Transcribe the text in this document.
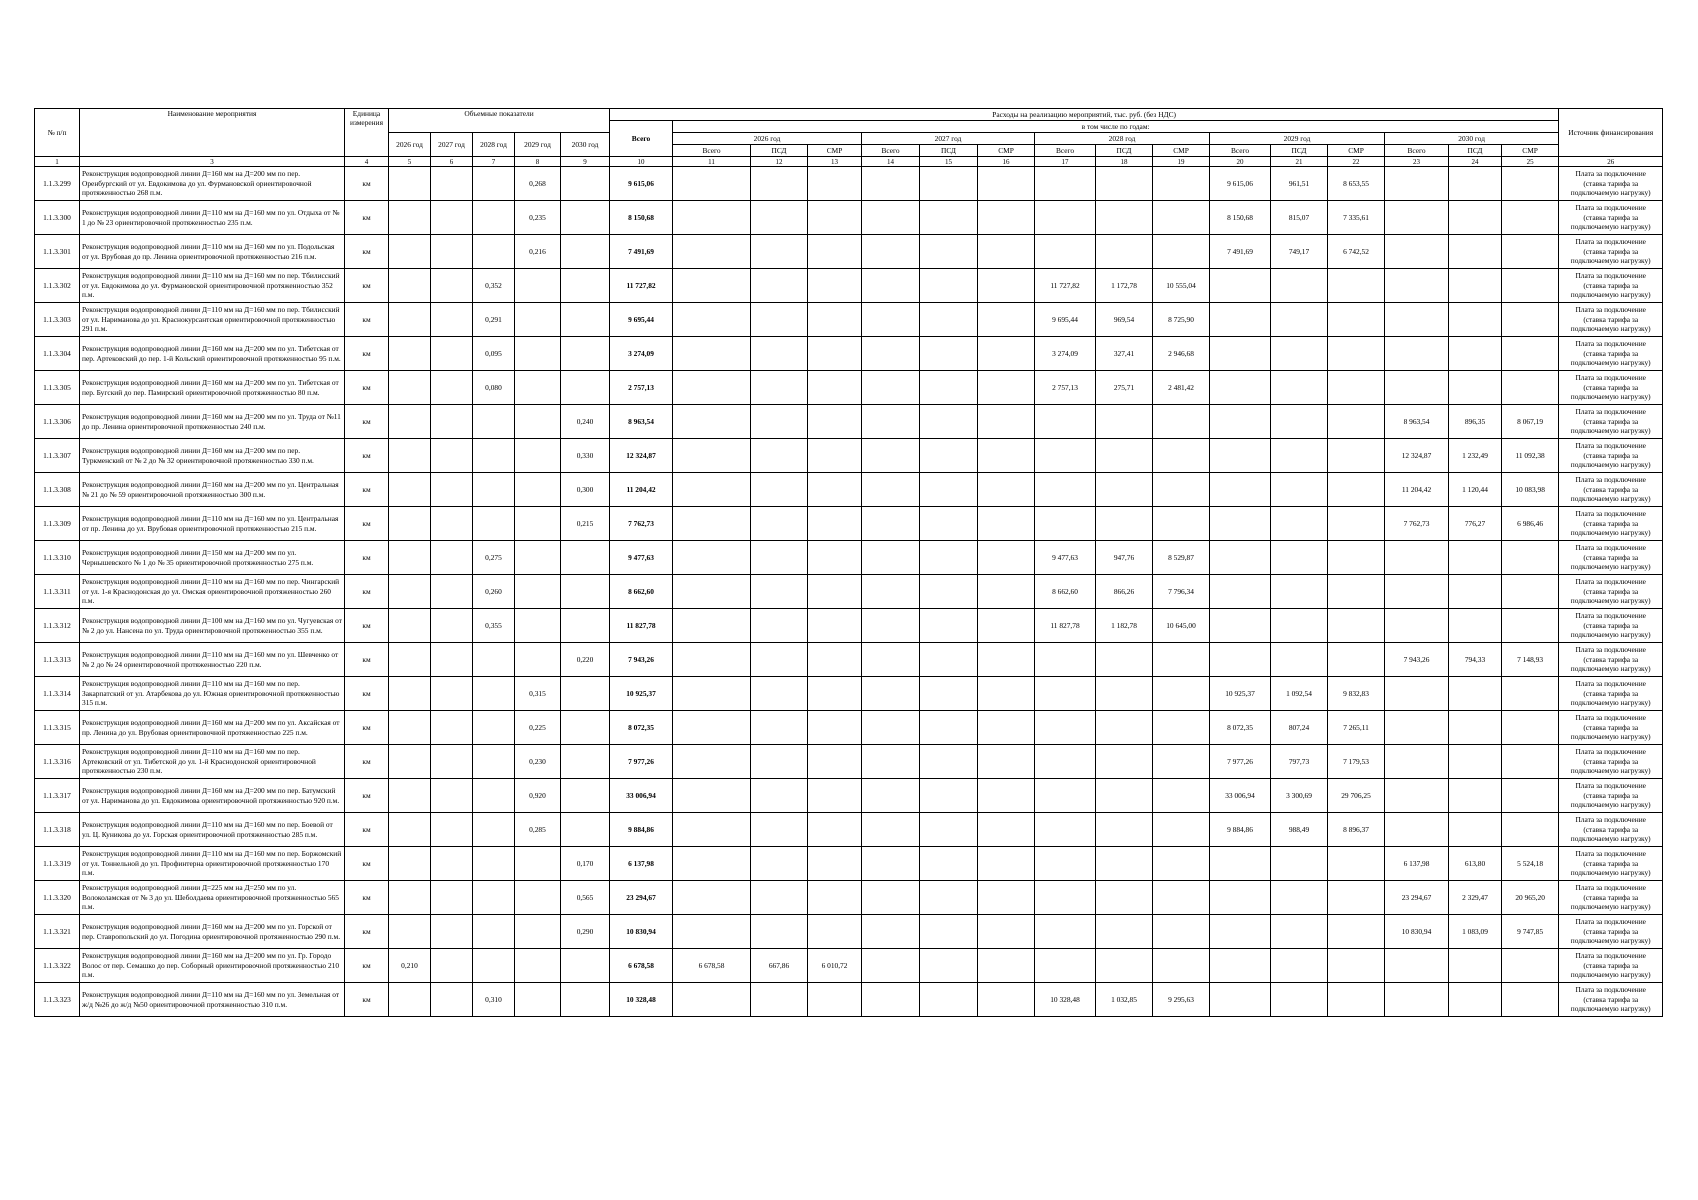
№ п/п	Наименование мероприятия	Единица измерения	Объемные показатели					Расходы на реализацию мероприятий, тыс. руб. (без НДС)																Источник финансирования
								Всего	в том числе по годам:															
			2026 год	2027 год	2028 год	2029 год	2030 год		2026 год			2027 год			2028 год			2029 год			2030 год			
									Всего	ПСД	СМР	Всего	ПСД	СМР	Всего	ПСД	СМР	Всего	ПСД	СМР	Всего	ПСД	СМР	
1	3	4	5	6	7	8	9	10	11	12	13	14	15	16	17	18	19	20	21	22	23	24	25	26
1.1.3.299	Реконструкция водопроводной линии Д=160 мм на Д=200 мм по пер. Оренбургский от ул. Евдокимова до ул. Фурмановской ориентировочной протяженностью 268 п.м.	км				0,268		9 615,06										9 615,06	961,51	8 653,55				Плата за подключение
(ставка тарифа за
подключаемую нагрузку)

1.1.3.300	Реконструкция водопроводной линии Д=110 мм на Д=160 мм по ул. Отдыха от № 1 до № 23 ориентировочной протяженностью 235 п.м.	км				0,235		8 150,68										8 150,68	815,07	7 335,61				Плата за подключение
(ставка тарифа за
подключаемую нагрузку)

1.1.3.301	Реконструкция водопроводной линии Д=110 мм на Д=160 мм по ул. Подольская от ул. Врубовая до пр. Ленина ориентировочной протяженностью 216 п.м.	км				0,216		7 491,69										7 491,69	749,17	6 742,52				Плата за подключение
(ставка тарифа за
подключаемую нагрузку)

1.1.3.302	Реконструкция водопроводной линии Д=110 мм на Д=160 мм по пер. Тбилисский от ул. Евдокимова до ул. Фурмановской ориентировочной протяженностью 352 п.м.	км			0,352			11 727,82							11 727,82	1 172,78	10 555,04							Плата за подключение
(ставка тарифа за
подключаемую нагрузку)

1.1.3.303	Реконструкция водопроводной линии Д=110 мм на Д=160 мм по пер. Тбилисский от ул. Нариманова до ул. Краснокурсантская ориентировочной протяженностью 291 п.м.	км			0,291			9 695,44							9 695,44	969,54	8 725,90							Плата за подключение
(ставка тарифа за
подключаемую нагрузку)

1.1.3.304	Реконструкция водопроводной линии Д=160 мм на Д=200 мм по ул. Тибетская от пер. Артековский до пер. 1-й Кольский ориентировочной протяженностью 95 п.м.	км			0,095			3 274,09							3 274,09	327,41	2 946,68							Плата за подключение
(ставка тарифа за
подключаемую нагрузку)

1.1.3.305	Реконструкция водопроводной линии Д=160 мм на Д=200 мм по ул. Тибетская от пер. Бугский до пер. Памирский ориентировочной протяженностью 80 п.м.	км			0,080			2 757,13							2 757,13	275,71	2 481,42							Плата за подключение
(ставка тарифа за
подключаемую нагрузку)

1.1.3.306	Реконструкция водопроводной линии Д=160 мм на Д=200 мм по ул. Труда от №11 до пр. Ленина ориентировочной протяженностью 240 п.м.	км					0,240	8 963,54													8 963,54	896,35	8 067,19	Плата за подключение
(ставка тарифа за
подключаемую нагрузку)

1.1.3.307	Реконструкция водопроводной линии Д=160 мм на Д=200 мм по пер. Туркменский от № 2 до № 32 ориентировочной протяженностью 330 п.м.	км					0,330	12 324,87													12 324,87	1 232,49	11 092,38	Плата за подключение
(ставка тарифа за
подключаемую нагрузку)

1.1.3.308	Реконструкция водопроводной линии Д=160 мм на Д=200 мм по ул. Центральная № 21 до № 59 ориентировочной протяженностью 300 п.м.	км					0,300	11 204,42													11 204,42	1 120,44	10 083,98	Плата за подключение
(ставка тарифа за
подключаемую нагрузку)

1.1.3.309	Реконструкция водопроводной линии Д=110 мм на Д=160 мм по ул. Центральная от пр. Ленина до ул. Врубовая ориентировочной протяженностью 215 п.м.	км					0,215	7 762,73													7 762,73	776,27	6 986,46	Плата за подключение
(ставка тарифа за
подключаемую нагрузку)

1.1.3.310	Реконструкция водопроводной линии Д=150 мм на Д=200 мм по ул. Чернышевского № 1 до № 35 ориентировочной протяженностью 275 п.м.	км			0,275			9 477,63							9 477,63	947,76	8 529,87							Плата за подключение
(ставка тарифа за
подключаемую нагрузку)

1.1.3.311	Реконструкция водопроводной линии Д=110 мм на Д=160 мм по пер. Чингарский от ул. 1-я Краснодонская до ул. Омская ориентировочной протяженностью 260 п.м.	км			0,260			8 662,60							8 662,60	866,26	7 796,34							Плата за подключение
(ставка тарифа за
подключаемую нагрузку)

1.1.3.312	Реконструкция водопроводной линии Д=100 мм на Д=160 мм по ул. Чугуевская от № 2 до ул. Нансена по ул. Труда ориентировочной протяженностью 355 п.м.	км			0,355			11 827,78							11 827,78	1 182,78	10 645,00							Плата за подключение
(ставка тарифа за
подключаемую нагрузку)

1.1.3.313	Реконструкция водопроводной линии Д=110 мм на Д=160 мм по ул. Шевченко от № 2 до № 24 ориентировочной протяженностью 220 п.м.	км					0,220	7 943,26													7 943,26	794,33	7 148,93	Плата за подключение
(ставка тарифа за
подключаемую нагрузку)

1.1.3.314	Реконструкция водопроводной линии Д=110 мм на Д=160 мм по пер. Закарпатский от ул. Атарбекова до ул. Южная ориентировочной протяженностью 315 п.м.	км				0,315		10 925,37										10 925,37	1 092,54	9 832,83				Плата за подключение
(ставка тарифа за
подключаемую нагрузку)

1.1.3.315	Реконструкция водопроводной линии Д=160 мм на Д=200 мм по ул. Аксайская от пр. Ленина до ул. Врубовая ориентировочной протяженностью 225 п.м.	км				0,225		8 072,35										8 072,35	807,24	7 265,11				Плата за подключение
(ставка тарифа за
подключаемую нагрузку)

1.1.3.316	Реконструкция водопроводной линии Д=110 мм на Д=160 мм по пер. Артековский от ул. Тибетской до ул. 1-й Краснодонской ориентировочной протяженностью 230 п.м.	км				0,230		7 977,26										7 977,26	797,73	7 179,53				Плата за подключение
(ставка тарифа за
подключаемую нагрузку)

1.1.3.317	Реконструкция водопроводной линии Д=160 мм на Д=200 мм по пер. Батумский от ул. Нариманова до ул. Евдокимова ориентировочной протяженностью 920 п.м.	км				0,920		33 006,94										33 006,94	3 300,69	29 706,25				Плата за подключение
(ставка тарифа за
подключаемую нагрузку)

1.1.3.318	Реконструкция водопроводной линии Д=110 мм на Д=160 мм по пер. Боевой от ул. Ц. Куникова до ул. Горская ориентировочной протяженностью 285 п.м.	км				0,285		9 884,86										9 884,86	988,49	8 896,37				Плата за подключение
(ставка тарифа за
подключаемую нагрузку)

1.1.3.319	Реконструкция водопроводной линии Д=110 мм на Д=160 мм по пер. Боржомский от ул. Тоннельной до ул. Профинтерна ориентировочной протяженностью 170 п.м.	км					0,170	6 137,98													6 137,98	613,80	5 524,18	Плата за подключение
(ставка тарифа за
подключаемую нагрузку)

1.1.3.320	Реконструкция водопроводной линии Д=225 мм на Д=250 мм по ул. Волоколамская от № 3 до ул. Шеболдаева ориентировочной протяженностью 565 п.м.	км					0,565	23 294,67													23 294,67	2 329,47	20 965,20	Плата за подключение
(ставка тарифа за
подключаемую нагрузку)

1.1.3.321	Реконструкция водопроводной линии Д=160 мм на Д=200 мм по ул. Горской от пер. Ставропольский до ул. Погодина ориентировочной протяженностью 290 п.м.	км					0,290	10 830,94													10 830,94	1 083,09	9 747,85	Плата за подключение
(ставка тарифа за
подключаемую нагрузку)

1.1.3.322	Реконструкция водопроводной линии Д=160 мм на Д=200 мм по ул. Гр. Городо Волос от пер. Семашко до пер. Соборный ориентировочной протяженностью 210 п.м.	км	0,210					6 678,58	6 678,58	667,86	6 010,72													Плата за подключение
(ставка тарифа за
подключаемую нагрузку)

1.1.3.323	Реконструкция водопроводной линии Д=110 мм на Д=160 мм по ул. Земельная от ж/д №26 до ж/д №50 ориентировочной протяженностью 310 п.м.	км			0,310			10 328,48							10 328,48	1 032,85	9 295,63							Плата за подключение
(ставка тарифа за
подключаемую нагрузку)
